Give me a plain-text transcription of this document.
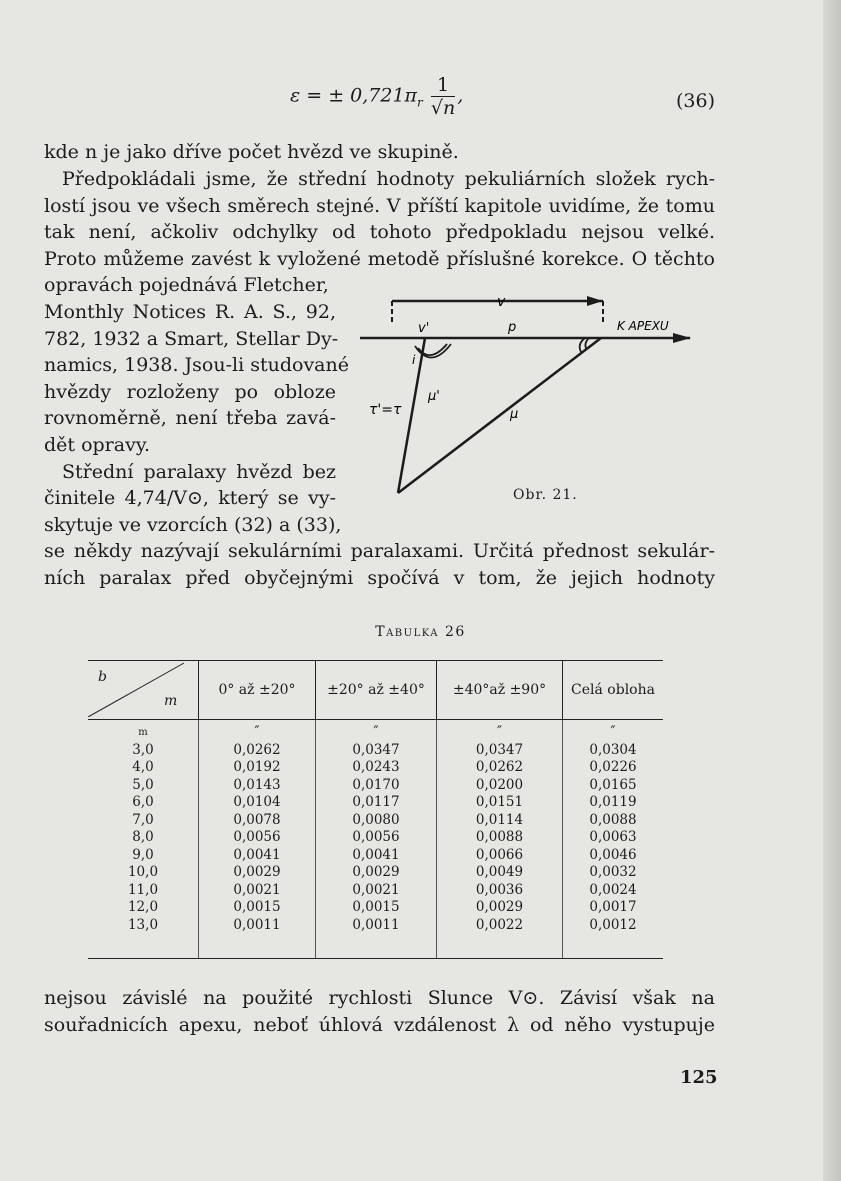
ε = ± $0,721\pi_r \frac{1}{√n}$ ,	(36)
kde n je jako dříve počet hvězd ve skupině.
Předpokládali jsme, že střední hodnoty pekuliárních složek rych-
lostí jsou ve všech směrech stejné. V příští kapitole uvidíme, že tomu
tak není, ačkoliv odchylky od tohoto předpokladu nejsou velké.
Proto můžeme zavést k vyložené metodě příslušné korekce. O těchto
opravách pojednává Fletcher,
Monthly Notices R. A. S., 92,
782, 1932 a Smart, Stellar Dy-
namics, 1938. Jsou-li studované
hvězdy rozloženy po obloze
rovnoměrně, není třeba zavá-
dět opravy.
Střední paralaxy hvězd bez
činitele 4,74/V⊙, který se vy-
skytuje ve vzorcích (32) a (33),
se někdy nazývají sekulárními paralaxami. Určitá přednost sekulár-
ních paralax před obyčejnými spočívá v tom, že jejich hodnoty
v
v'	p	K APEXU
i
μ'
μ
τ'=τ
Obr. 21.
Tabulka 26
b
m	0° až ±20°	±20° až ±40°	±40°až ±90°	Celá obloha
m	″	″	″	″
3,0	0,0262	0,0347	0,0347	0,0304
4,0	0,0192	0,0243	0,0262	0,0226
5,0	0,0143	0,0170	0,0200	0,0165
6,0	0,0104	0,0117	0,0151	0,0119
7,0	0,0078	0,0080	0,0114	0,0088
8,0	0,0056	0,0056	0,0088	0,0063
9,0	0,0041	0,0041	0,0066	0,0046
10,0	0,0029	0,0029	0,0049	0,0032
11,0	0,0021	0,0021	0,0036	0,0024
12,0	0,0015	0,0015	0,0029	0,0017
13,0	0,0011	0,0011	0,0022	0,0012

nejsou závislé na použité rychlosti Slunce V⊙. Závisí však na
souřadnicích apexu, neboť úhlová vzdálenost λ od něho vystupuje
125
